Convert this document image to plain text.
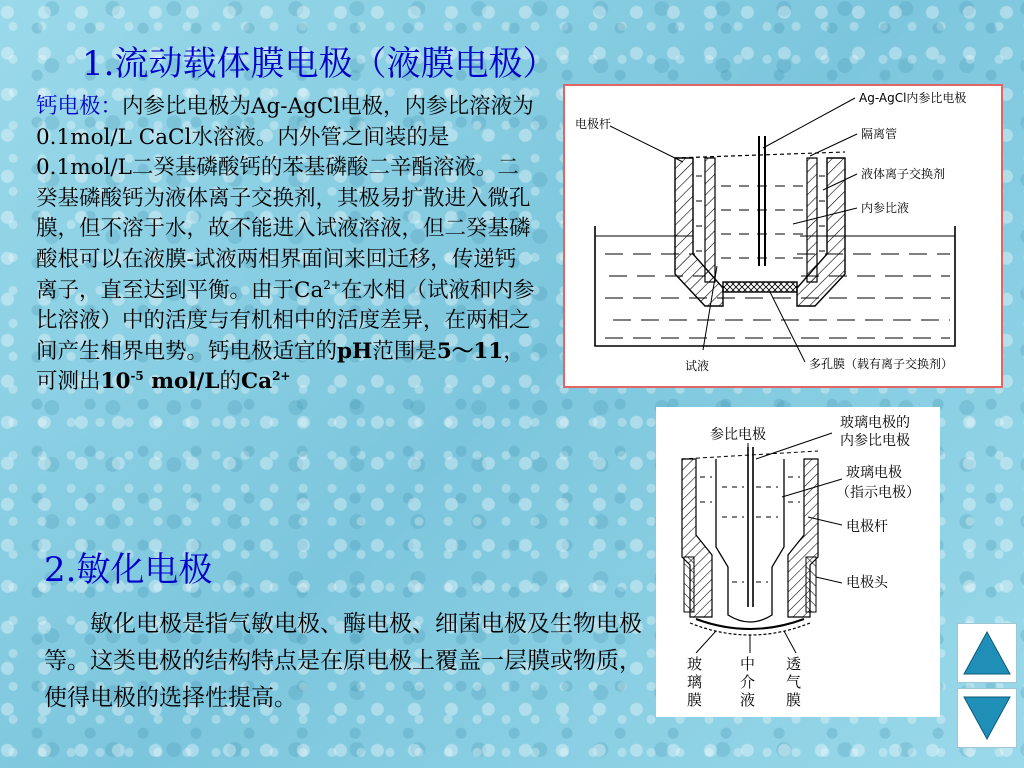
1.流动载体膜电极（液膜电极）
钙电极：内参比电极为Ag-AgCl电极，内参比溶液为0.1mol/L CaCl水溶液。内外管之间装的是0.1mol/L二癸基磷酸钙的苯基磷酸二辛酯溶液。二癸基磷酸钙为液体离子交换剂，其极易扩散进入微孔膜，但不溶于水，故不能进入试液溶液，但二癸基磷酸根可以在液膜-试液两相界面间来回迁移，传递钙离子，直至达到平衡。由于$Ca^{2+}$在水相（试液和内参比溶液）中的活度与有机相中的活度差异，在两相之间产生相界电势。钙电极适宜的pH范围是5～11，可测出$10^{-5}$ mol/L的$Ca^{2+}$
2.敏化电极
敏化电极是指气敏电极、酶电极、细菌电极及生物电极等。这类电极的结构特点是在原电极上覆盖一层膜或物质，使得电极的选择性提高。
Ag-AgCl内参比电极
电极杆
隔离管
液体离子交换剂
内参比液
试液	多孔膜（载有离子交换剂）
参比电极
玻璃电极的
内参比电极
玻璃电极
（指示电极）
电极杆
电极头
玻
璃
膜
中
介
液
透
气
膜
